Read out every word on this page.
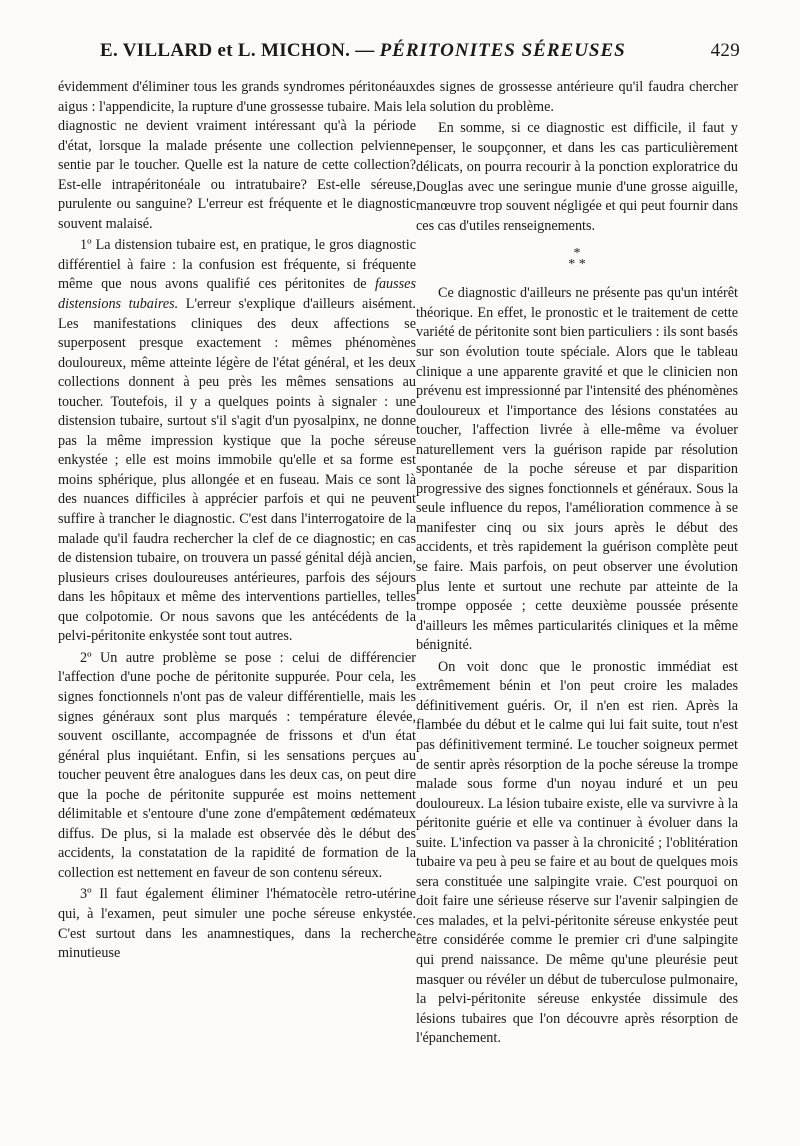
E. VILLARD et L. MICHON. — PÉRITONITES SÉREUSES	429

évidemment d'éliminer tous les grands syndromes péritonéaux aigus : l'appendicite, la rupture d'une grossesse tubaire. Mais le diagnostic ne devient vraiment intéressant qu'à la période d'état, lorsque la malade présente une collection pelvienne sentie par le toucher. Quelle est la nature de cette collection? Est-elle intrapéritonéale ou intratubaire? Est-elle séreuse, purulente ou sanguine? L'erreur est fréquente et le diagnostic souvent malaisé.

1º La distension tubaire est, en pratique, le gros diagnostic différentiel à faire : la confusion est fréquente, si fréquente même que nous avons qualifié ces péritonites de fausses distensions tubaires. L'erreur s'explique d'ailleurs aisément. Les manifestations cliniques des deux affections se superposent presque exactement : mêmes phénomènes douloureux, même atteinte légère de l'état général, et les deux collections donnent à peu près les mêmes sensations au toucher. Toutefois, il y a quelques points à signaler : une distension tubaire, surtout s'il s'agit d'un pyosalpinx, ne donne pas la même impression kystique que la poche séreuse enkystée ; elle est moins immobile qu'elle et sa forme est moins sphérique, plus allongée et en fuseau. Mais ce sont là des nuances difficiles à apprécier parfois et qui ne peuvent suffire à trancher le diagnostic. C'est dans l'interrogatoire de la malade qu'il faudra rechercher la clef de ce diagnostic; en cas de distension tubaire, on trouvera un passé génital déjà ancien, plusieurs crises douloureuses antérieures, parfois des séjours dans les hôpitaux et même des interventions partielles, telles que colpotomie. Or nous savons que les antécédents de la pelvi-péritonite enkystée sont tout autres.

2º Un autre problème se pose : celui de différencier l'affection d'une poche de péritonite suppurée. Pour cela, les signes fonctionnels n'ont pas de valeur différentielle, mais les signes généraux sont plus marqués : température élevée, souvent oscillante, accompagnée de frissons et d'un état général plus inquiétant. Enfin, si les sensations perçues au toucher peuvent être analogues dans les deux cas, on peut dire que la poche de péritonite suppurée est moins nettement délimitable et s'entoure d'une zone d'empâtement œdémateux diffus. De plus, si la malade est observée dès le début des accidents, la constatation de la rapidité de formation de la collection est nettement en faveur de son contenu séreux.

3º Il faut également éliminer l'hématocèle retro-utérine qui, à l'examen, peut simuler une poche séreuse enkystée. C'est surtout dans les anamnestiques, dans la recherche minutieuse

des signes de grossesse antérieure qu'il faudra chercher la solution du problème.

En somme, si ce diagnostic est difficile, il faut y penser, le soupçonner, et dans les cas particulièrement délicats, on pourra recourir à la ponction exploratrice du Douglas avec une seringue munie d'une grosse aiguille, manœuvre trop souvent négligée et qui peut fournir dans ces cas d'utiles renseignements.

*
* *

Ce diagnostic d'ailleurs ne présente pas qu'un intérêt théorique. En effet, le pronostic et le traitement de cette variété de péritonite sont bien particuliers : ils sont basés sur son évolution toute spéciale. Alors que le tableau clinique a une apparente gravité et que le clinicien non prévenu est impressionné par l'intensité des phénomènes douloureux et l'importance des lésions constatées au toucher, l'affection livrée à elle-même va évoluer naturellement vers la guérison rapide par résolution spontanée de la poche séreuse et par disparition progressive des signes fonctionnels et généraux. Sous la seule influence du repos, l'amélioration commence à se manifester cinq ou six jours après le début des accidents, et très rapidement la guérison complète peut se faire. Mais parfois, on peut observer une évolution plus lente et surtout une rechute par atteinte de la trompe opposée ; cette deuxième poussée présente d'ailleurs les mêmes particularités cliniques et la même bénignité.

On voit donc que le pronostic immédiat est extrêmement bénin et l'on peut croire les malades définitivement guéris. Or, il n'en est rien. Après la flambée du début et le calme qui lui fait suite, tout n'est pas définitivement terminé. Le toucher soigneux permet de sentir après résorption de la poche séreuse la trompe malade sous forme d'un noyau induré et un peu douloureux. La lésion tubaire existe, elle va survivre à la péritonite guérie et elle va continuer à évoluer dans la suite. L'infection va passer à la chronicité ; l'oblitération tubaire va peu à peu se faire et au bout de quelques mois sera constituée une salpingite vraie. C'est pourquoi on doit faire une sérieuse réserve sur l'avenir salpingien de ces malades, et la pelvi-péritonite séreuse enkystée peut être considérée comme le premier cri d'une salpingite qui prend naissance. De même qu'une pleurésie peut masquer ou révéler un début de tuberculose pulmonaire, la pelvi-péritonite séreuse enkystée dissimule des lésions tubaires que l'on découvre après résorption de l'épanchement.
